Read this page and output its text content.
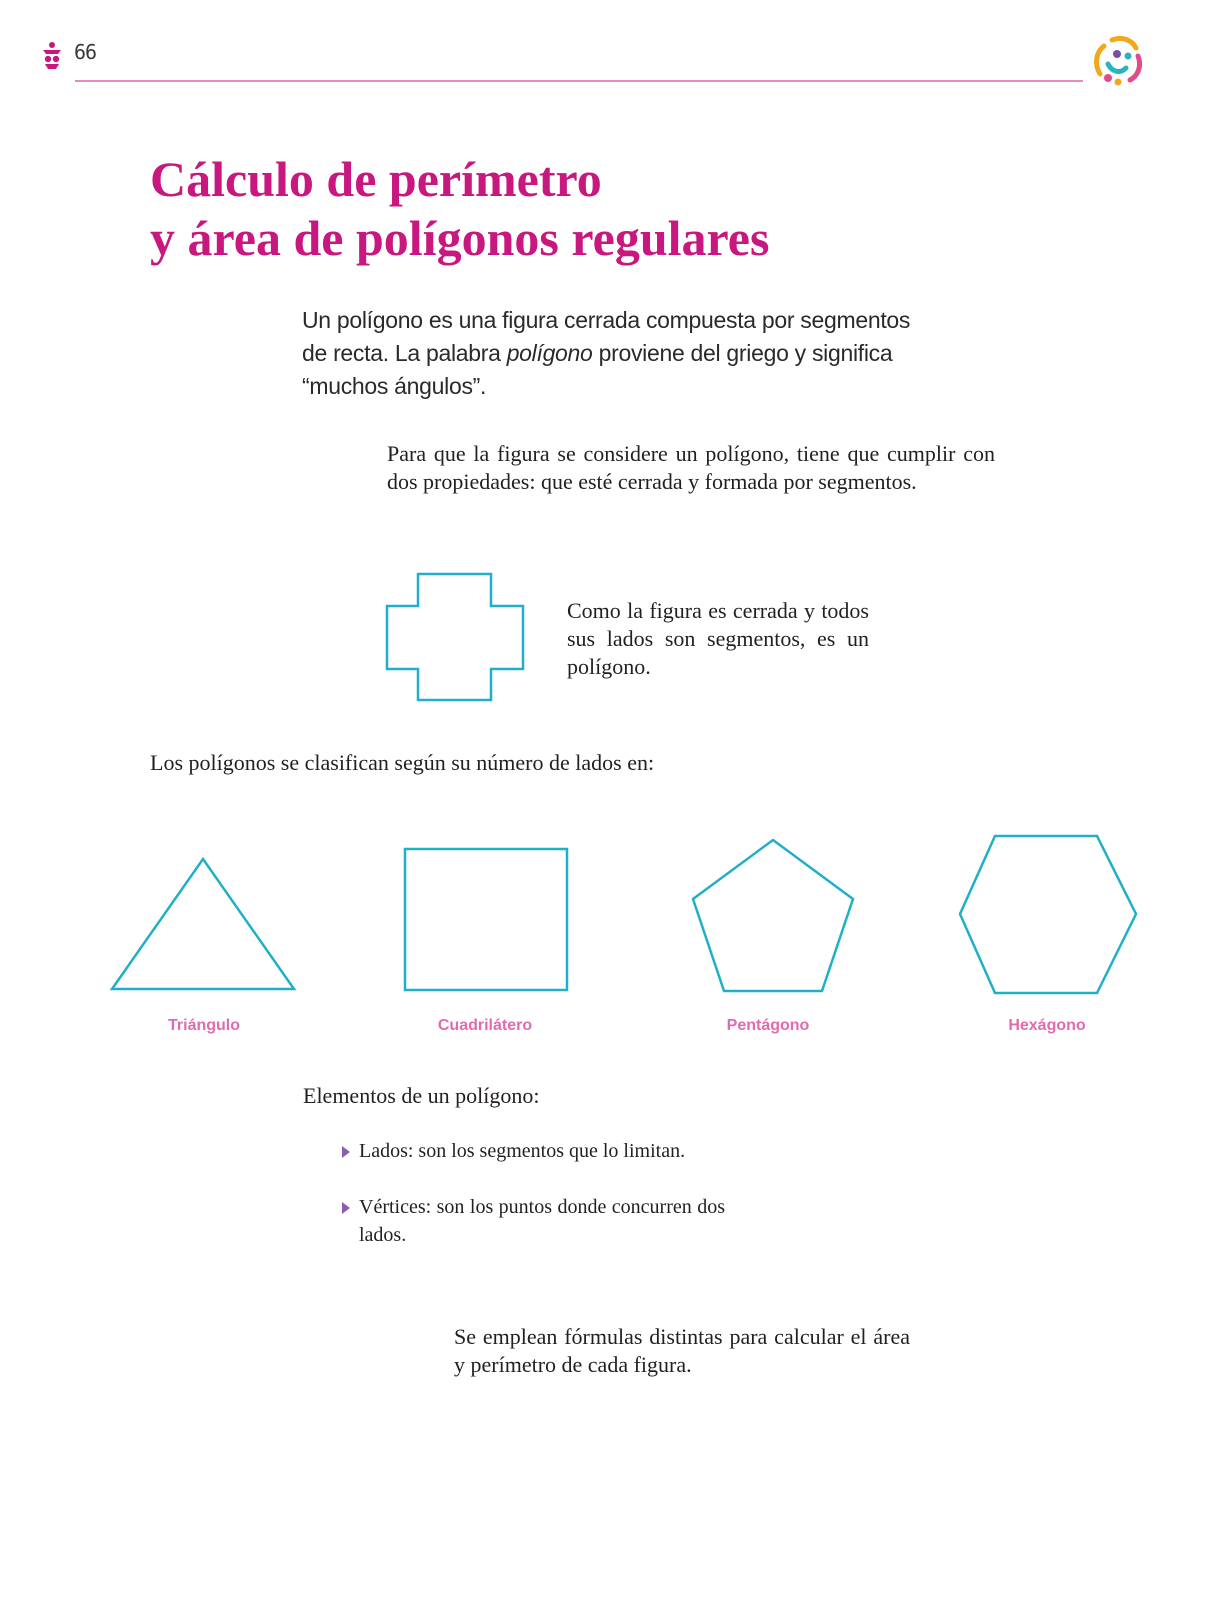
66
Cálculo de perímetro
y área de polígonos regulares

Un polígono es una figura cerrada compuesta por segmentos de recta. La palabra polígono proviene del griego y significa “muchos ángulos”.

Para que la figura se considere un polígono, tiene que cumplir con dos propiedades: que esté cerrada y formada por segmentos.

Como la figura es cerrada y todos sus lados son segmentos, es un polígono.

Los polígonos se clasifican según su número de lados en:

Triángulo	Cuadrilátero	Pentágono	Hexágono

Elementos de un polígono:

Lados: son los segmentos que lo limitan.
Vértices: son los puntos donde concurren dos lados.

Se emplean fórmulas distintas para calcular el área y perímetro de cada figura.
